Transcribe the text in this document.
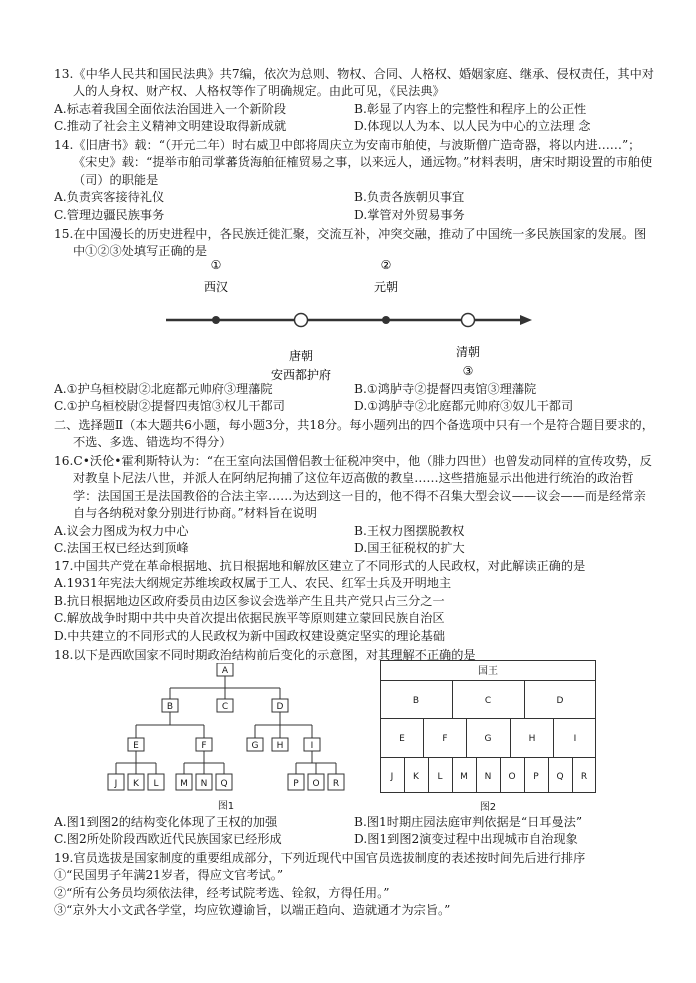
13.《中华人民共和国民法典》共7编，依次为总则、物权、合同、人格权、婚姻家庭、继承、侵权责任，其中对人的人身权、财产权、人格权等作了明确规定。由此可见，《民法典》
A.标志着我国全面依法治国进入一个新阶段	B.彰显了内容上的完整性和程序上的公正性
C.推动了社会主义精神文明建设取得新成就	D.体现以人为本、以人民为中心的立法理 念
14.《旧唐书》载：“（开元二年）时右威卫中郎将周庆立为安南市舶使，与波斯僧广造奇器，将以内进……”；《宋史》载：“提举市舶司掌蕃货海舶征榷贸易之事，以来远人，通远物。”材料表明，唐宋时期设置的市舶使（司）的职能是
A.负责宾客接待礼仪	B.负责各族朝贝事宜
C.管理边疆民族事务	D.掌管对外贸易事务
15.在中国漫长的历史进程中，各民族迁徙汇聚，交流互补，冲突交融，推动了中国统一多民族国家的发展。图中①②③处填写正确的是
①
西汉
②
元朝
唐朝
安西都护府
清朝
③
A.①护乌桓校尉②北庭都元帅府③理藩院	B.①鸿胪寺②提督四夷馆③理藩院
C.①护乌桓校尉②提督四夷馆③权儿干都司	D.①鸿胪寺②北庭都元帅府③奴儿干都司
二、选择题Ⅱ（本大题共6小题，每小题3分，共18分。每小题列出的四个备选项中只有一个是符合题目要求的，不选、多选、错选均不得分）
16.C•沃伦•霍利斯特认为：“在王室向法国僧侣教士征税冲突中，他（腓力四世）也曾发动同样的宣传攻势，反对教皇卜尼法八世，并派人在阿纳尼拘捕了这位年迈高傲的教皇……这些措施显示出他进行统治的政治哲学：法国国王是法国教俗的合法主宰……为达到这一目的，他不得不召集大型会议——议会——而是经常亲自与各纳税对象分别进行协商。”材料旨在说明
A.议会力图成为权力中心	B.王权力图摆脱教权
C.法国王权已经达到顶峰	D.国王征税权的扩大
17.中国共产党在革命根据地、抗日根据地和解放区建立了不同形式的人民政权，对此解读正确的是
A.1931年宪法大纲规定苏维埃政权属于工人、农民、红军士兵及开明地主
B.抗日根据地边区政府委员由边区参议会选举产生且共产党只占三分之一
C.解放战争时期中共中央首次提出依据民族平等原则建立蒙回民族自治区
D.中共建立的不同形式的人民政权为新中国政权建设奠定坚实的理论基础
18.以下是西欧国家不同时期政治结构前后变化的示意图，对其理解不正确的是
A
B	C	D
E	F	G H	I
J K L M N Q	P O R
图1
国王
B	C	D
E	F	G	H	I
J K L M N O P Q R
图2
A.图1到图2的结构变化体现了王权的加强	B.图1时期庄园法庭审判依据是“日耳曼法”
C.图2所处阶段西欧近代民族国家已经形成	D.图1到图2演变过程中出现城市自治现象
19.官员选拔是国家制度的重要组成部分，下列近现代中国官员选拔制度的表述按时间先后进行排序
①“民国男子年满21岁者，得应文官考试。”
②“所有公务员均须依法律，经考试院考选、铨叙，方得任用。”
③“京外大小文武各学堂，均应钦遵谕旨，以端正趋向、造就通才为宗旨。”
